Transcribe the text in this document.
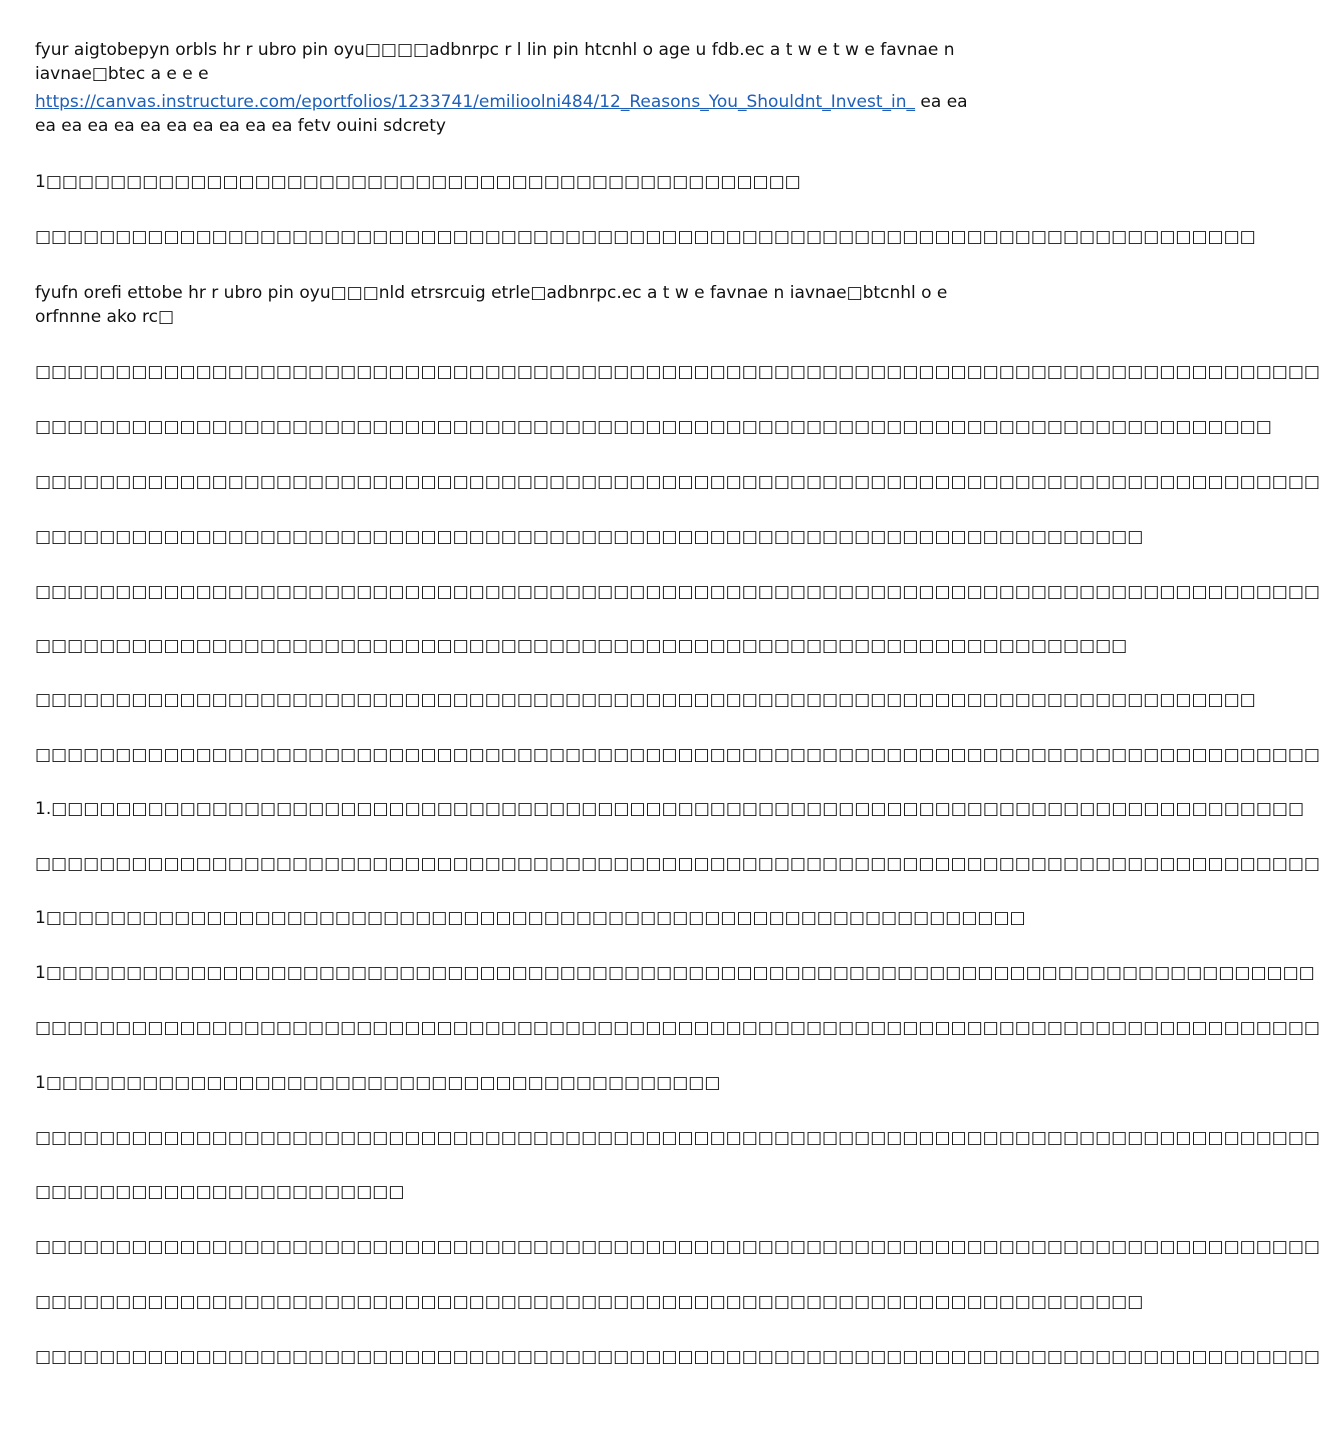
fyur aigtobepyn orbls hr r ubro pin oyu□□□□adbnrpc r l lin pin htcnhl o age u fdb.ec a t w e t w e favnae n iavnae□btec a e e e

https://canvas.instructure.com/eportfolios/1233741/emilioolni484/12_Reasons_You_Shouldnt_Invest_in_ ea ea ea ea ea ea ea ea ea ea ea ea fetv ouini sdcrety

1□□□□□□□□□□□□□□□□□□□□□□□□□□□□□□□□□□□□□□□□□□□□□□□

□□□□□□□□□□□□□□□□□□□□□□□□□□□□□□□□□□□□□□□□□□□□□□□□□□□□□□□□□□□□□□□□□□□□□□□□□□□□

fyufn orefi ettobe hr r ubro pin oyu□□□nld etrsrcuig etrle□adbnrpc.ec a t w e favnae n iavnae□btcnhl o e orfnnne ako rc□

□□□□□□□□□□□□□□□□□□□□□□□□□□□□□□□□□□□□□□□□□□□□□□□□□□□□□□□□□□□□□□□□□□□□□□□□□□□□□□□□

□□□□□□□□□□□□□□□□□□□□□□□□□□□□□□□□□□□□□□□□□□□□□□□□□□□□□□□□□□□□□□□□□□□□□□□□□□□□□

□□□□□□□□□□□□□□□□□□□□□□□□□□□□□□□□□□□□□□□□□□□□□□□□□□□□□□□□□□□□□□□□□□□□□□□□□□□□□□□□

□□□□□□□□□□□□□□□□□□□□□□□□□□□□□□□□□□□□□□□□□□□□□□□□□□□□□□□□□□□□□□□□□□□□□

□□□□□□□□□□□□□□□□□□□□□□□□□□□□□□□□□□□□□□□□□□□□□□□□□□□□□□□□□□□□□□□□□□□□□□□□□□□□□□□□

□□□□□□□□□□□□□□□□□□□□□□□□□□□□□□□□□□□□□□□□□□□□□□□□□□□□□□□□□□□□□□□□□□□□

□□□□□□□□□□□□□□□□□□□□□□□□□□□□□□□□□□□□□□□□□□□□□□□□□□□□□□□□□□□□□□□□□□□□□□□□□□□□

□□□□□□□□□□□□□□□□□□□□□□□□□□□□□□□□□□□□□□□□□□□□□□□□□□□□□□□□□□□□□□□□□□□□□□□□□□□□□□□□

1.□□□□□□□□□□□□□□□□□□□□□□□□□□□□□□□□□□□□□□□□□□□□□□□□□□□□□□□□□□□□□□□□□□□□□□□□□□□□□□

□□□□□□□□□□□□□□□□□□□□□□□□□□□□□□□□□□□□□□□□□□□□□□□□□□□□□□□□□□□□□□□□□□□□□□□□□□□□□□□□

1□□□□□□□□□□□□□□□□□□□□□□□□□□□□□□□□□□□□□□□□□□□□□□□□□□□□□□□□□□□□□

1□□□□□□□□□□□□□□□□□□□□□□□□□□□□□□□□□□□□□□□□□□□□□□□□□□□□□□□□□□□□□□□□□□□□□□□□□□□□□□□

□□□□□□□□□□□□□□□□□□□□□□□□□□□□□□□□□□□□□□□□□□□□□□□□□□□□□□□□□□□□□□□□□□□□□□□□□□□□□□□□

1□□□□□□□□□□□□□□□□□□□□□□□□□□□□□□□□□□□□□□□□□□

□□□□□□□□□□□□□□□□□□□□□□□□□□□□□□□□□□□□□□□□□□□□□□□□□□□□□□□□□□□□□□□□□□□□□□□□□□□□□□□□

□□□□□□□□□□□□□□□□□□□□□□□

□□□□□□□□□□□□□□□□□□□□□□□□□□□□□□□□□□□□□□□□□□□□□□□□□□□□□□□□□□□□□□□□□□□□□□□□□□□□□□□□

□□□□□□□□□□□□□□□□□□□□□□□□□□□□□□□□□□□□□□□□□□□□□□□□□□□□□□□□□□□□□□□□□□□□□

□□□□□□□□□□□□□□□□□□□□□□□□□□□□□□□□□□□□□□□□□□□□□□□□□□□□□□□□□□□□□□□□□□□□□□□□□□□□□□□□
